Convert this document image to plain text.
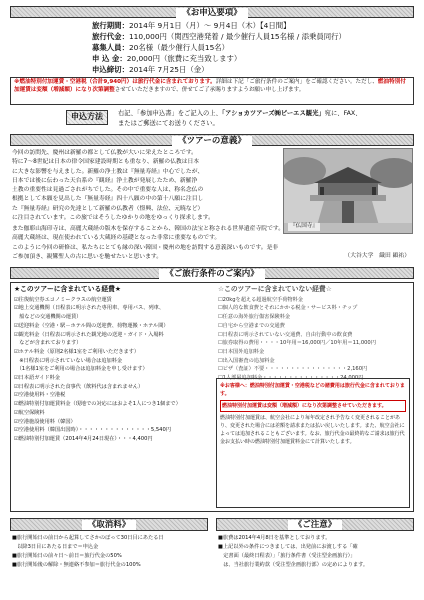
《お申込要項》
旅行期間：2014年 9月1日（月）～ 9月4日（木）【4日間】
旅行代金：110,000円（関西空港発着 / 最少催行人員15名様 / 添乗員同行）
募集人員：20名様（最少催行人員15名）
申 込 金：20,000円（旅費に充当致します）
申込締切：2014年 7月25日（金）
※燃油特別付加運賃・空港税（合計9,940円）は旅行代金に含まれております。詳細は下記「ご旅行条件のご案内」をご確認ください。ただし、燃油特別付加運賃は変額（増減額）になり次第調整させていただきますので、併せてご了承賜りますようお願い申し上げます。
申込方法	右記、「参加申込書」をご記入の上、「アショカツアーズ㈱ピーエス観光」宛に、FAX、
またはご郵送にてお送りください。
《ツアーの意義》
今回の訪問先、慶州は新羅の都として仏教が大いに栄えたところです。
特に7～8世紀は日本の律令国家建設時期とも重なり、新羅の仏教は日本
に大きな影響を与えました。新羅の浄土教は『無量寿経』中心でしたが、
日本では後に伝わった天台系の『観経』浄土教が発展したため、新羅浄
土教の重要性は見過ごされがちでした。その中で重要な人は、称名念仏の
根拠として本願を見出した『無量寿経』四十八願の中の第十八願に注目し
た『無量寿経』研究の先達として新羅の仏教者（憬興、法位、元暁など）
に注目されています。この旅ではそうしたゆかりの地をゆっくり探求します。
『仏国寺』
また伽耶山海印寺は、高麗大蔵経の版木を保存することから、韓国の法宝と称される世界遺産寺院です。
高麗大蔵経は、現在使われている大蔵経の基礎となった非常に重要なものです。
このように今回の研修は、私たちにとても縁の深い韓国・慶州の地を訪問する意義深いものです。是非
ご参加頂き、親鸞聖人の古に思いを馳せたいと思います。	（大谷大学　織田 顕祐）
《ご旅行条件のご案内》
★このツアーに含まれている経費★
☑往復航空券エコノミークラスの航空運賃
☑地上交通機関（日程表に明示された専用車、専用バス、列車、
　船などの交通機関の運賃）
☑送迎料金（空港・駅－ホテル間の送迎費、荷物運搬・ホテル間）
☑観光料金（日程表に明示された観光地の送迎・ガイド・入場料
　などが含まれております）
☑ホテル料金（原則2名様1室をご利用いただきます）
　※日程表に明示されていない場合は追加料金
　（1名様1室をご利用の場合は追加料金を申し受けます）
☑日本語ガイド料金
☑日程表に明示された食事代（飲料代は含まれません）
☑空港使用料・空港税
☑燃油特別付加運賃料金（現地での対応にはおよそ1人につき1個まで）
☑航空保険料
☑空港施設使用料（韓国）
☑空港使用料（韓国出国時）・・・・・・・・・・・・・・5,540円
☑燃油特別付加運賃（2014年4月24日現在）・・・4,400円
☆このツアーに含まれていない経費☆
☐20kgを超える超過航空手荷物料金
☐個人的な飲食費とそれにかかる税金・サービス料・チップ
☐任意の海外旅行傷害保険料金
☐自宅から空港までの交通費
☐日程表に明示されていない交通費、自由行動中の飲食費
☐旅券取得の費用・・・・10年用＝16,000円／10年用＝11,000円
☐日本国外追加料金
☐出入国審査の追加料金
☐ビザ（査証）不要・・・・・・・・・・・・・・・・2,160円
☐1人部屋追加料金・・・・・・・・・・・・・・・24,000円
※お客様へ：燃油特別付加運賃・空港税などの諸費用は旅行代金に含まれております。
燃油特別付加運賃は変額（増減額）になり次第調整させていただきます。
燃油特別付加運賃は、航空会社により毎年改定され予告なく変更されることがあり、変更された場合には差額を請求または払い戻しいたします。また、航空会社によっては追加されることもございます。なお、旅行代金の最終的なご請求は旅行代金お支払い時の燃油特別付加運賃料金にて計算いたします。
《取消料》	《ご注意》
■旅行開始日の前日から起算してさかのぼって30日目にあたる日
　以降3日目にあたる日まで＝申込金
■旅行開始日の前々日～前日＝旅行代金の50%
■旅行開始後の解除・無連絡不参加＝旅行代金の100%
■旅費は2014年4月8日を基準としております。
■上記以外の条件につきましては、出発前にお渡しする「確
　定書面（最終日程表）」「旅行条件書（受注型企画旅行）」
　は、当社旅行業約款（受注型企画旅行部）の定めによります。
